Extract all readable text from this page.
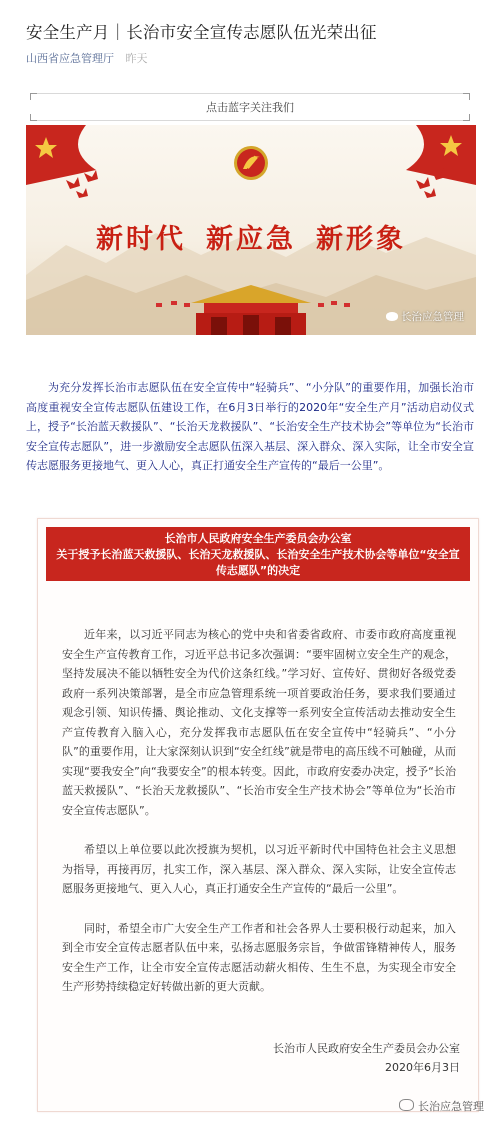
安全生产月｜长治市安全宣传志愿队伍光荣出征
山西省应急管理厅 昨天
点击蓝字关注我们
新时代 新应急 新形象
长治应急管理
为充分发挥长治市志愿队伍在安全宣传中“轻骑兵”、“小分队”的重要作用，加强长治市高度重视安全宣传志愿队伍建设工作，在6月3日举行的2020年“安全生产月”活动启动仪式上，授予“长治蓝天救援队”、“长治天龙救援队”、“长治安全生产技术协会”等单位为“长治市安全宣传志愿队”，进一步激励安全志愿队伍深入基层、深入群众、深入实际，让全市安全宣传志愿服务更接地气、更入人心，真正打通安全生产宣传的“最后一公里”。
长治市人民政府安全生产委员会办公室
关于授予长治蓝天救援队、长治天龙救援队、长治安全生产技术协会等单位“安全宣传志愿队”的决定

近年来，以习近平同志为核心的党中央和省委省政府、市委市政府高度重视安全生产宣传教育工作，习近平总书记多次强调：“要牢固树立安全生产的观念，坚持发展决不能以牺牲安全为代价这条红线。”学习好、宣传好、贯彻好各级党委政府一系列决策部署，是全市应急管理系统一项首要政治任务，要求我们要通过观念引领、知识传播、舆论推动、文化支撑等一系列安全宣传活动去推动安全生产宣传教育入脑入心，充分发挥我市志愿队伍在安全宣传中“轻骑兵”、“小分队”的重要作用，让大家深刻认识到“安全红线”就是带电的高压线不可触碰，从而实现“要我安全”向“我要安全”的根本转变。因此，市政府安委办决定，授予“长治蓝天救援队”、“长治天龙救援队”、“长治市安全生产技术协会”等单位为“长治市安全宣传志愿队”。

希望以上单位要以此次授旗为契机，以习近平新时代中国特色社会主义思想为指导，再接再厉，扎实工作，深入基层、深入群众、深入实际，让安全宣传志愿服务更接地气、更入人心，真正打通安全生产宣传的“最后一公里”。

同时，希望全市广大安全生产工作者和社会各界人士要积极行动起来，加入到全市安全宣传志愿者队伍中来，弘扬志愿服务宗旨，争做雷锋精神传人，服务安全生产工作，让全市安全宣传志愿活动薪火相传、生生不息，为实现全市安全生产形势持续稳定好转做出新的更大贡献。

长治市人民政府安全生产委员会办公室
2020年6月3日
长治应急管理
